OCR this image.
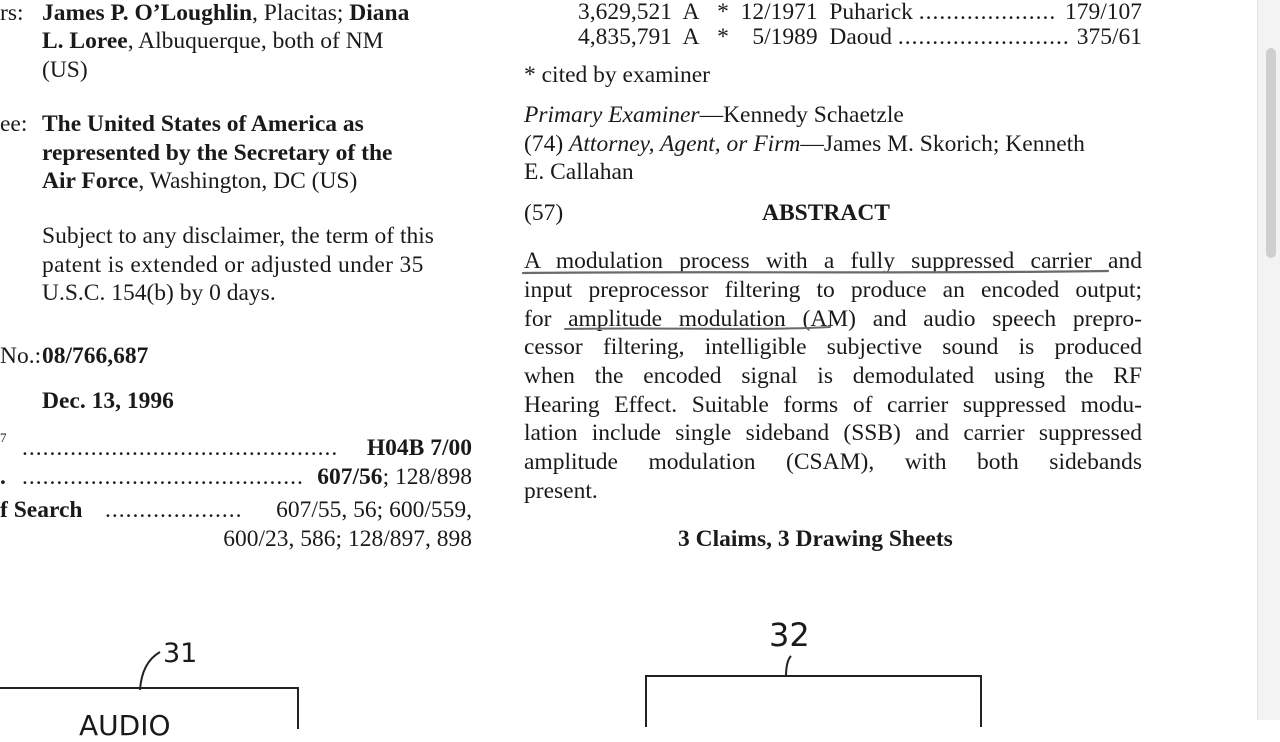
rs: James P. O’Loughlin, Placitas; Diana
L. Loree, Albuquerque, both of NM
(US)
ee: The United States of America as
represented by the Secretary of the
Air Force, Washington, DC (US)
Subject to any disclaimer, the term of this
patent is extended or adjusted under 35
U.S.C. 154(b) by 0 days.
No.: 08/766,687
Dec. 13, 1996
7 .............................................. H04B 7/00
. ......................................... 607/56; 128/898
f Search .................... 607/55, 56; 600/559,
600/23, 586; 128/897, 898
3,629,521 A * 12/1971 Puharick .................... 179/107
4,835,791 A * 5/1989 Daoud ......................... 375/61
* cited by examiner
Primary Examiner—Kennedy Schaetzle
(74) Attorney, Agent, or Firm—James M. Skorich; Kenneth
E. Callahan
(57)	ABSTRACT
A modulation process with a fully suppressed carrier and
input preprocessor filtering to produce an encoded output;
for amplitude modulation (AM) and audio speech prepro-
cessor filtering, intelligible subjective sound is produced
when the encoded signal is demodulated using the RF
Hearing Effect. Suitable forms of carrier suppressed modu-
lation include single sideband (SSB) and carrier suppressed
amplitude modulation (CSAM), with both sidebands
present.
3 Claims, 3 Drawing Sheets
31	32
AUDIO
